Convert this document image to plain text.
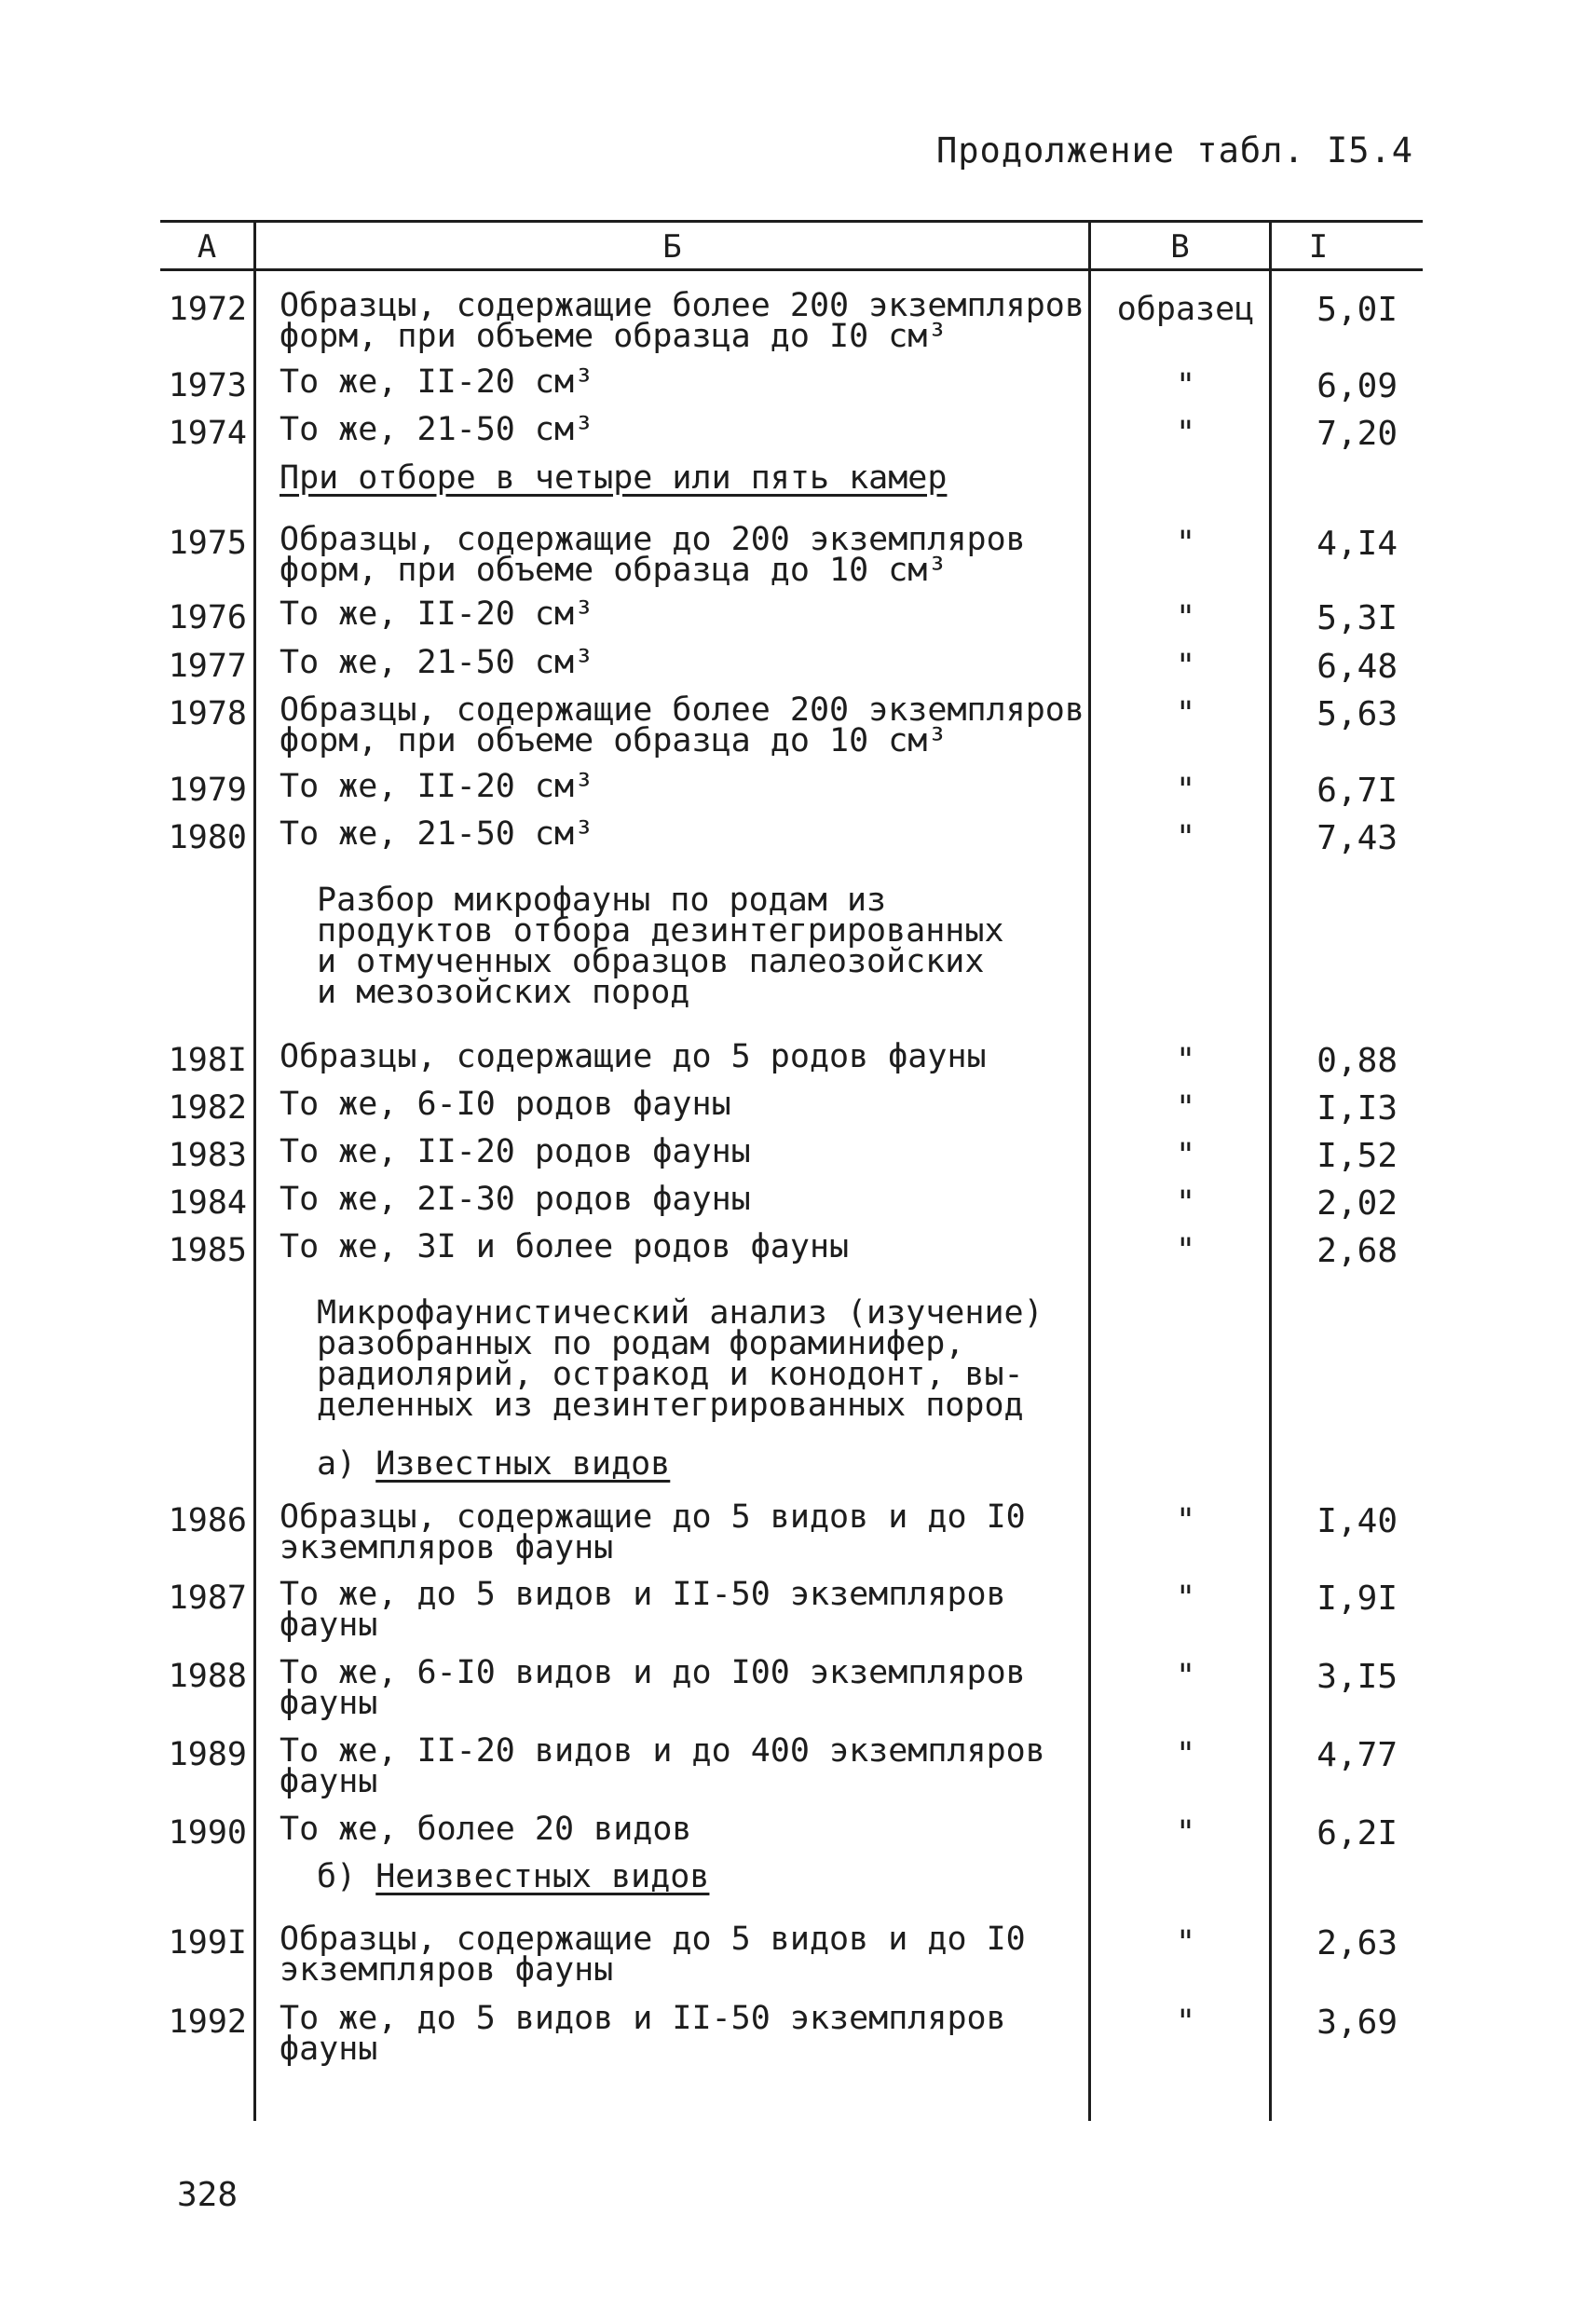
Продолжение табл. I5.4
А	Б	В	I
1972 Образцы, содержащие более 200 экземпляров
форм, при объеме образца до I0 см³
образец	5,0I
1973 То же, II-20 см³	"	6,09
1974 То же, 21-50 см³	"	7,20
При отборе в четыре или пять камер
1975 Образцы, содержащие до 200 экземпляров
форм, при объеме образца до 10 см³
"	4,I4
1976 То же, II-20 см³	"	5,3I
1977 То же, 21-50 см³	"	6,48
1978 Образцы, содержащие более 200 экземпляров
форм, при объеме образца до 10 см³
"	5,63
1979 То же, II-20 см³	"	6,7I
1980 То же, 21-50 см³	"	7,43
Разбор микрофауны по родам из
продуктов отбора дезинтегрированных
и отмученных образцов палеозойских
и мезозойских пород
198I Образцы, содержащие до 5 родов фауны	"	0,88
1982 То же, 6-I0 родов фауны	"	I,I3
1983 То же, II-20 родов фауны	"	I,52
1984 То же, 2I-30 родов фауны	"	2,02
1985 То же, 3I и более родов фауны	"	2,68
Микрофаунистический анализ (изучение)
разобранных по родам фораминифер,
радиолярий, остракод и конодонт, вы-
деленных из дезинтегрированных пород
а) Известных видов
1986 Образцы, содержащие до 5 видов и до I0
экземпляров фауны
"	I,40
1987 То же, до 5 видов и II-50 экземпляров
фауны
"	I,9I
1988 То же, 6-I0 видов и до I00 экземпляров
фауны
"	3,I5
1989 То же, II-20 видов и до 400 экземпляров
фауны
"	4,77
1990 То же, более 20 видов	"	6,2I
б) Неизвестных видов
199I Образцы, содержащие до 5 видов и до I0
экземпляров фауны
"	2,63
1992 То же, до 5 видов и II-50 экземпляров
фауны
"	3,69
328
